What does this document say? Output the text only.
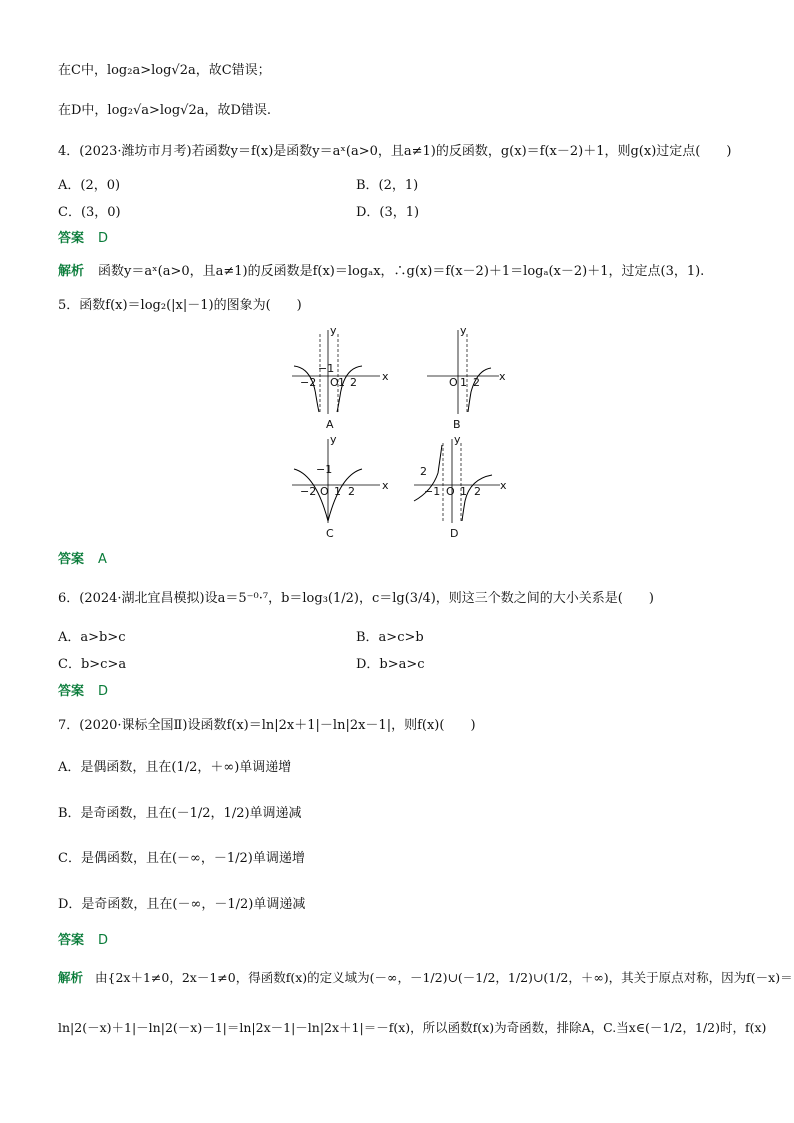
在C中，log₂a>log√2a，故C错误；
在D中，log₂√a>log√2a，故D错误.
4．(2023·潍坊市月考)若函数y＝f(x)是函数y＝aˣ(a>0，且a≠1)的反函数，g(x)＝f(x－2)＋1，则g(x)过定点(　　)
A．(2，0)	B．(2，1)
C．(3，0)	D．(3，1)
答案 D
解析 函数y＝aˣ(a>0，且a≠1)的反函数是f(x)＝logₐx，∴g(x)＝f(x－2)＋1＝logₐ(x－2)＋1，过定点(3，1).
5．函数f(x)＝log₂(|x|－1)的图象为(　　)
x
y
−2
−1
O 1 2
A
x
y
O 1 2
B
x
y
−2
−1
O 1 2
C
x
y
2
−1 O 1 2
D
答案 A
6．(2024·湖北宜昌模拟)设a＝5⁻⁰·⁷，b＝log₃(1/2)，c＝lg(3/4)，则这三个数之间的大小关系是(　　)
A．a>b>c	B．a>c>b
C．b>c>a	D．b>a>c
答案 D
7．(2020·课标全国Ⅱ)设函数f(x)＝ln|2x＋1|－ln|2x－1|，则f(x)(　　)
A．是偶函数，且在(1/2，＋∞)单调递增
B．是奇函数，且在(－1/2，1/2)单调递减
C．是偶函数，且在(－∞，－1/2)单调递增
D．是奇函数，且在(－∞，－1/2)单调递减
答案 D
解析 由{2x＋1≠0，2x－1≠0，得函数f(x)的定义域为(－∞，－1/2)∪(－1/2，1/2)∪(1/2，＋∞)，其关于原点对称，因为f(－x)＝
ln|2(－x)＋1|－ln|2(－x)－1|＝ln|2x－1|－ln|2x＋1|＝－f(x)，所以函数f(x)为奇函数，排除A，C.当x∈(－1/2，1/2)时，f(x)
